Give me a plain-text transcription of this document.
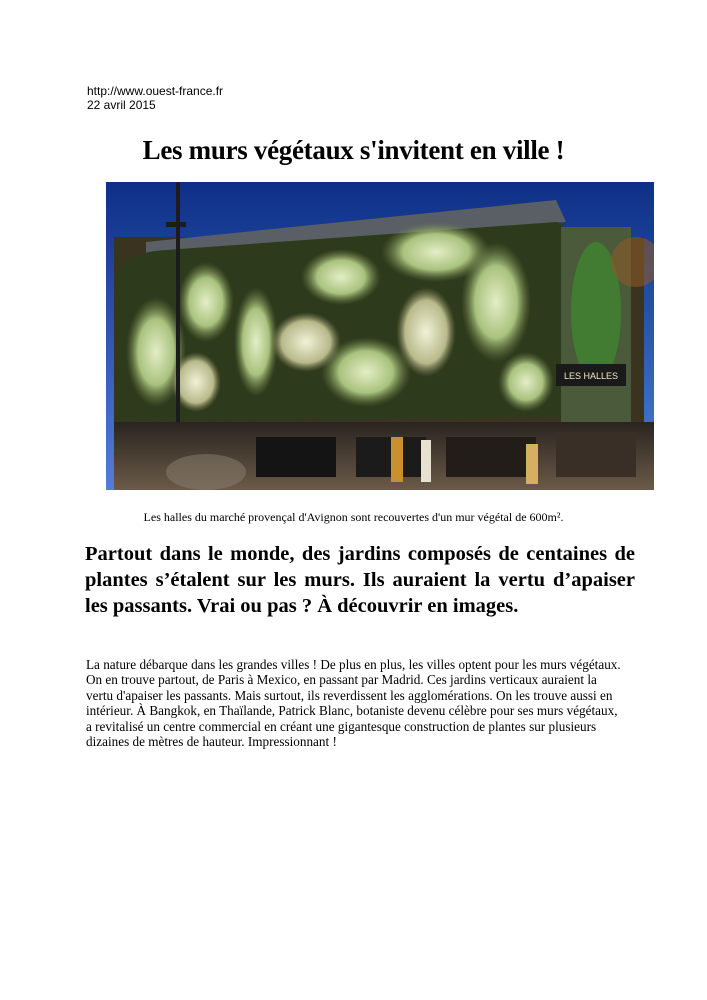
http://www.ouest-france.fr
22 avril 2015
Les murs végétaux s'invitent en ville !
LES HALLES
Les halles du marché provençal d'Avignon sont recouvertes d'un mur végétal de 600m².

Partout dans le monde, des jardins composés de centaines de plantes s’étalent sur les murs. Ils auraient la vertu d’apaiser les passants. Vrai ou pas ? À découvrir en images.

La nature débarque dans les grandes villes ! De plus en plus, les villes optent pour les murs végétaux. On en trouve partout, de Paris à Mexico, en passant par Madrid. Ces jardins verticaux auraient la vertu d'apaiser les passants. Mais surtout, ils reverdissent les agglomérations. On les trouve aussi en intérieur. À Bangkok, en Thaïlande, Patrick Blanc, botaniste devenu célèbre pour ses murs végétaux, a revitalisé un centre commercial en créant une gigantesque construction de plantes sur plusieurs dizaines de mètres de hauteur. Impressionnant !
